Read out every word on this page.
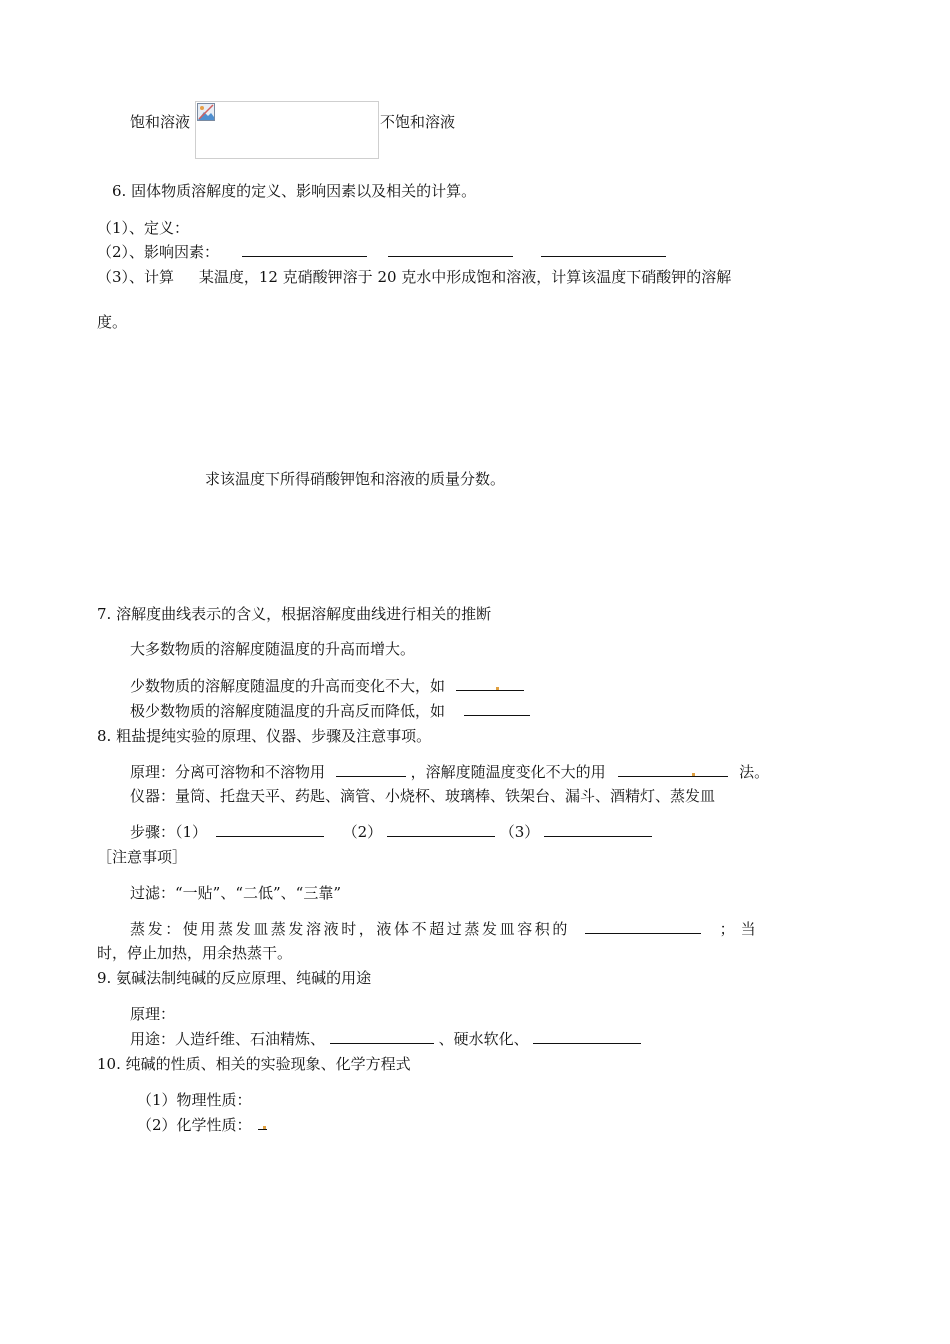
饱和溶液	不饱和溶液
6. 固体物质溶解度的定义、影响因素以及相关的计算。
（1）、定义：
（2）、影响因素：
（3）、计算 某温度，12 克硝酸钾溶于 20 克水中形成饱和溶液，计算该温度下硝酸钾的溶解
度。
求该温度下所得硝酸钾饱和溶液的质量分数。
7. 溶解度曲线表示的含义，根据溶解度曲线进行相关的推断
大多数物质的溶解度随温度的升高而增大。
少数物质的溶解度随温度的升高而变化不大，如
极少数物质的溶解度随温度的升高反而降低，如
8. 粗盐提纯实验的原理、仪器、步骤及注意事项。
原理：分离可溶物和不溶物用	，溶解度随温度变化不大的用	法。
仪器：量筒、托盘天平、药匙、滴管、小烧杯、玻璃棒、铁架台、漏斗、酒精灯、蒸发皿
步骤：（1）	（2）	（3）
［注意事项］
过滤：“一贴”、“二低”、“三靠”
蒸发：使用蒸发皿蒸发溶液时，液体不超过蒸发皿容积的	；当
时，停止加热，用余热蒸干。
9. 氨碱法制纯碱的反应原理、纯碱的用途
原理：
用途：人造纤维、石油精炼、	、硬水软化、
10. 纯碱的性质、相关的实验现象、化学方程式
（1）物理性质：
（2）化学性质：
